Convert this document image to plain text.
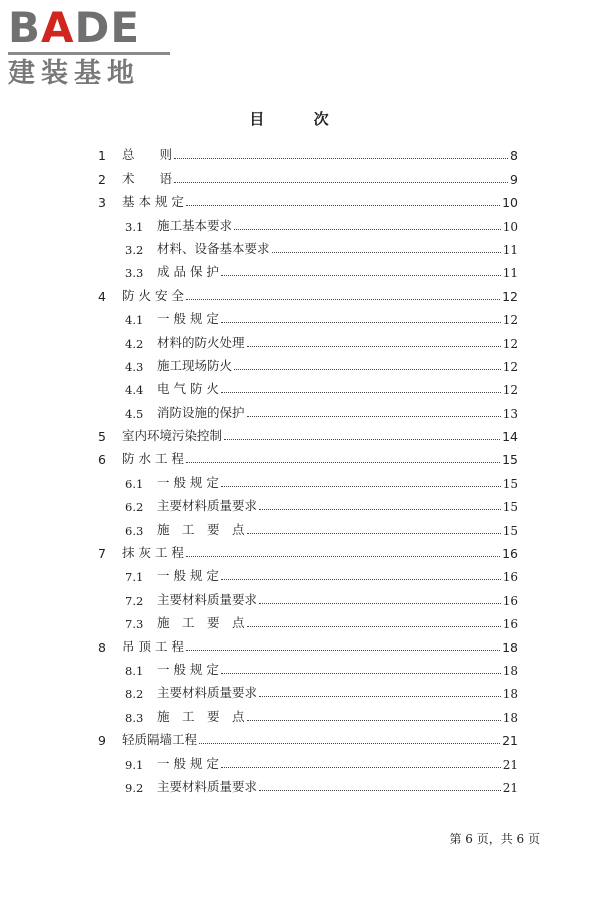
BADE
建装基地
目 次
1	总　　则	8
2	术　　语	9
3	基 本 规 定	10
3.1	施工基本要求	10
3.2	材料、设备基本要求	11
3.3	成 品 保 护	11
4	防 火 安 全	12
4.1	一 般 规 定	12
4.2	材料的防火处理	12
4.3	施工现场防火	12
4.4	电 气 防 火	12
4.5	消防设施的保护	13
5	室内环境污染控制	14
6	防 水 工 程	15
6.1	一 般 规 定	15
6.2	主要材料质量要求	15
6.3	施　工　要　点	15
7	抹 灰 工 程	16
7.1	一 般 规 定	16
7.2	主要材料质量要求	16
7.3	施　工　要　点	16
8	吊 顶 工 程	18
8.1	一 般 规 定	18
8.2	主要材料质量要求	18
8.3	施　工　要　点	18
9	轻质隔墙工程	21
9.1	一 般 规 定	21
9.2	主要材料质量要求	21
第 6 页，共 6 页
